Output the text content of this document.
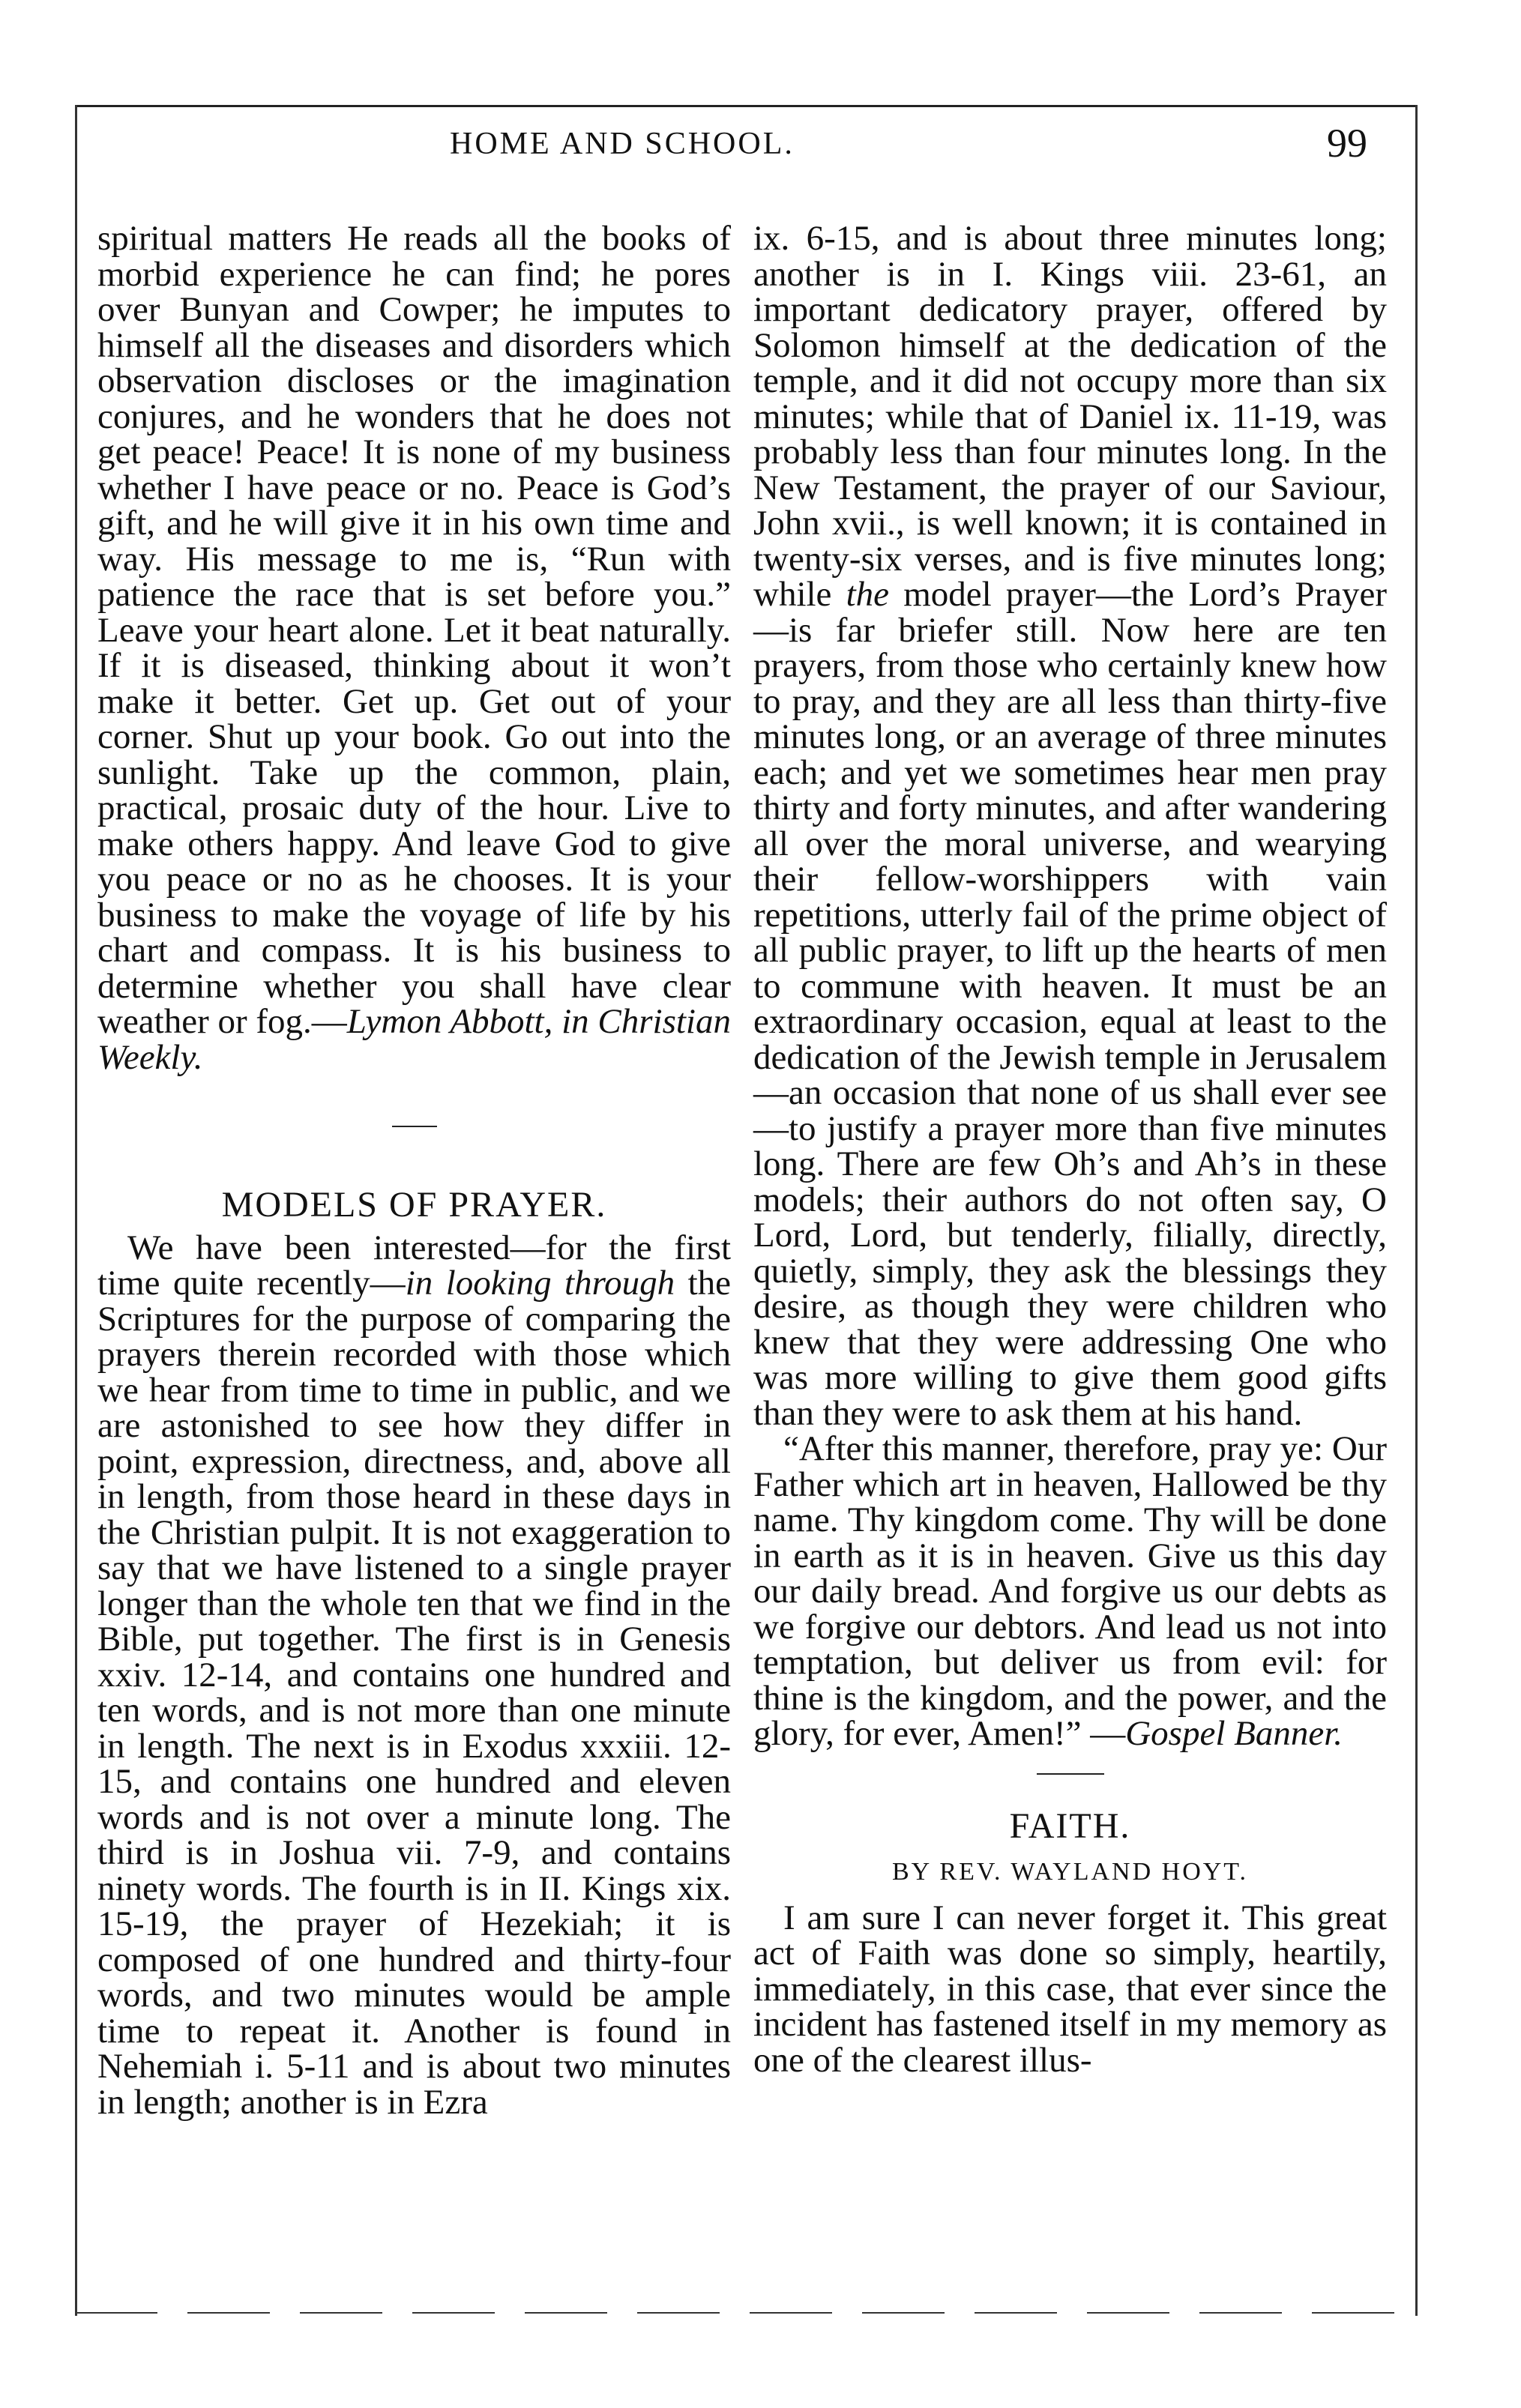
HOME AND SCHOOL.	99

spiritual matters He reads all the books of morbid experience he can find; he pores over Bunyan and Cowper; he imputes to himself all the diseases and disorders which observation discloses or the imagination conjures, and he wonders that he does not get peace! Peace! It is none of my business whether I have peace or no. Peace is God’s gift, and he will give it in his own time and way. His message to me is, “Run with patience the race that is set before you.” Leave your heart alone. Let it beat naturally. If it is diseased, thinking about it won’t make it better. Get up. Get out of your corner. Shut up your book. Go out into the sunlight. Take up the common, plain, practical, prosaic duty of the hour. Live to make others happy. And leave God to give you peace or no as he chooses. It is your business to make the voyage of life by his chart and compass. It is his business to determine whether you shall have clear weather or fog.—Lymon Abbott, in Christian Weekly.

MODELS OF PRAYER.

We have been interested—for the first time quite recently—in looking through the Scriptures for the purpose of comparing the prayers therein recorded with those which we hear from time to time in public, and we are astonished to see how they differ in point, expression, directness, and, above all in length, from those heard in these days in the Christian pulpit. It is not exaggeration to say that we have listened to a single prayer longer than the whole ten that we find in the Bible, put together. The first is in Genesis xxiv. 12-14, and contains one hundred and ten words, and is not more than one minute in length. The next is in Exodus xxxiii. 12-15, and contains one hundred and eleven words and is not over a minute long. The third is in Joshua vii. 7-9, and contains ninety words. The fourth is in II. Kings xix. 15-19, the prayer of Hezekiah; it is composed of one hundred and thirty-four words, and two minutes would be ample time to repeat it. Another is found in Nehemiah i. 5-11 and is about two minutes in length; another is in Ezra

ix. 6-15, and is about three minutes long; another is in I. Kings viii. 23-61, an important dedicatory prayer, offered by Solomon himself at the dedication of the temple, and it did not occupy more than six minutes; while that of Daniel ix. 11-19, was probably less than four minutes long. In the New Testament, the prayer of our Saviour, John xvii., is well known; it is contained in twenty-six verses, and is five minutes long; while the model prayer—the Lord’s Prayer—is far briefer still. Now here are ten prayers, from those who certainly knew how to pray, and they are all less than thirty-five minutes long, or an average of three minutes each; and yet we sometimes hear men pray thirty and forty minutes, and after wandering all over the moral universe, and wearying their fellow-worshippers with vain repetitions, utterly fail of the prime object of all public prayer, to lift up the hearts of men to commune with heaven. It must be an extraordinary occasion, equal at least to the dedication of the Jewish temple in Jerusalem—an occasion that none of us shall ever see—to justify a prayer more than five minutes long. There are few Oh’s and Ah’s in these models; their authors do not often say, O Lord, Lord, but tenderly, filially, directly, quietly, simply, they ask the blessings they desire, as though they were children who knew that they were addressing One who was more willing to give them good gifts than they were to ask them at his hand.

“After this manner, therefore, pray ye: Our Father which art in heaven, Hallowed be thy name. Thy kingdom come. Thy will be done in earth as it is in heaven. Give us this day our daily bread. And forgive us our debts as we forgive our debtors. And lead us not into temptation, but deliver us from evil: for thine is the kingdom, and the power, and the glory, for ever, Amen!” —Gospel Banner.

FAITH.

BY REV. WAYLAND HOYT.

I am sure I can never forget it. This great act of Faith was done so simply, heartily, immediately, in this case, that ever since the incident has fastened itself in my memory as one of the clearest illus-
